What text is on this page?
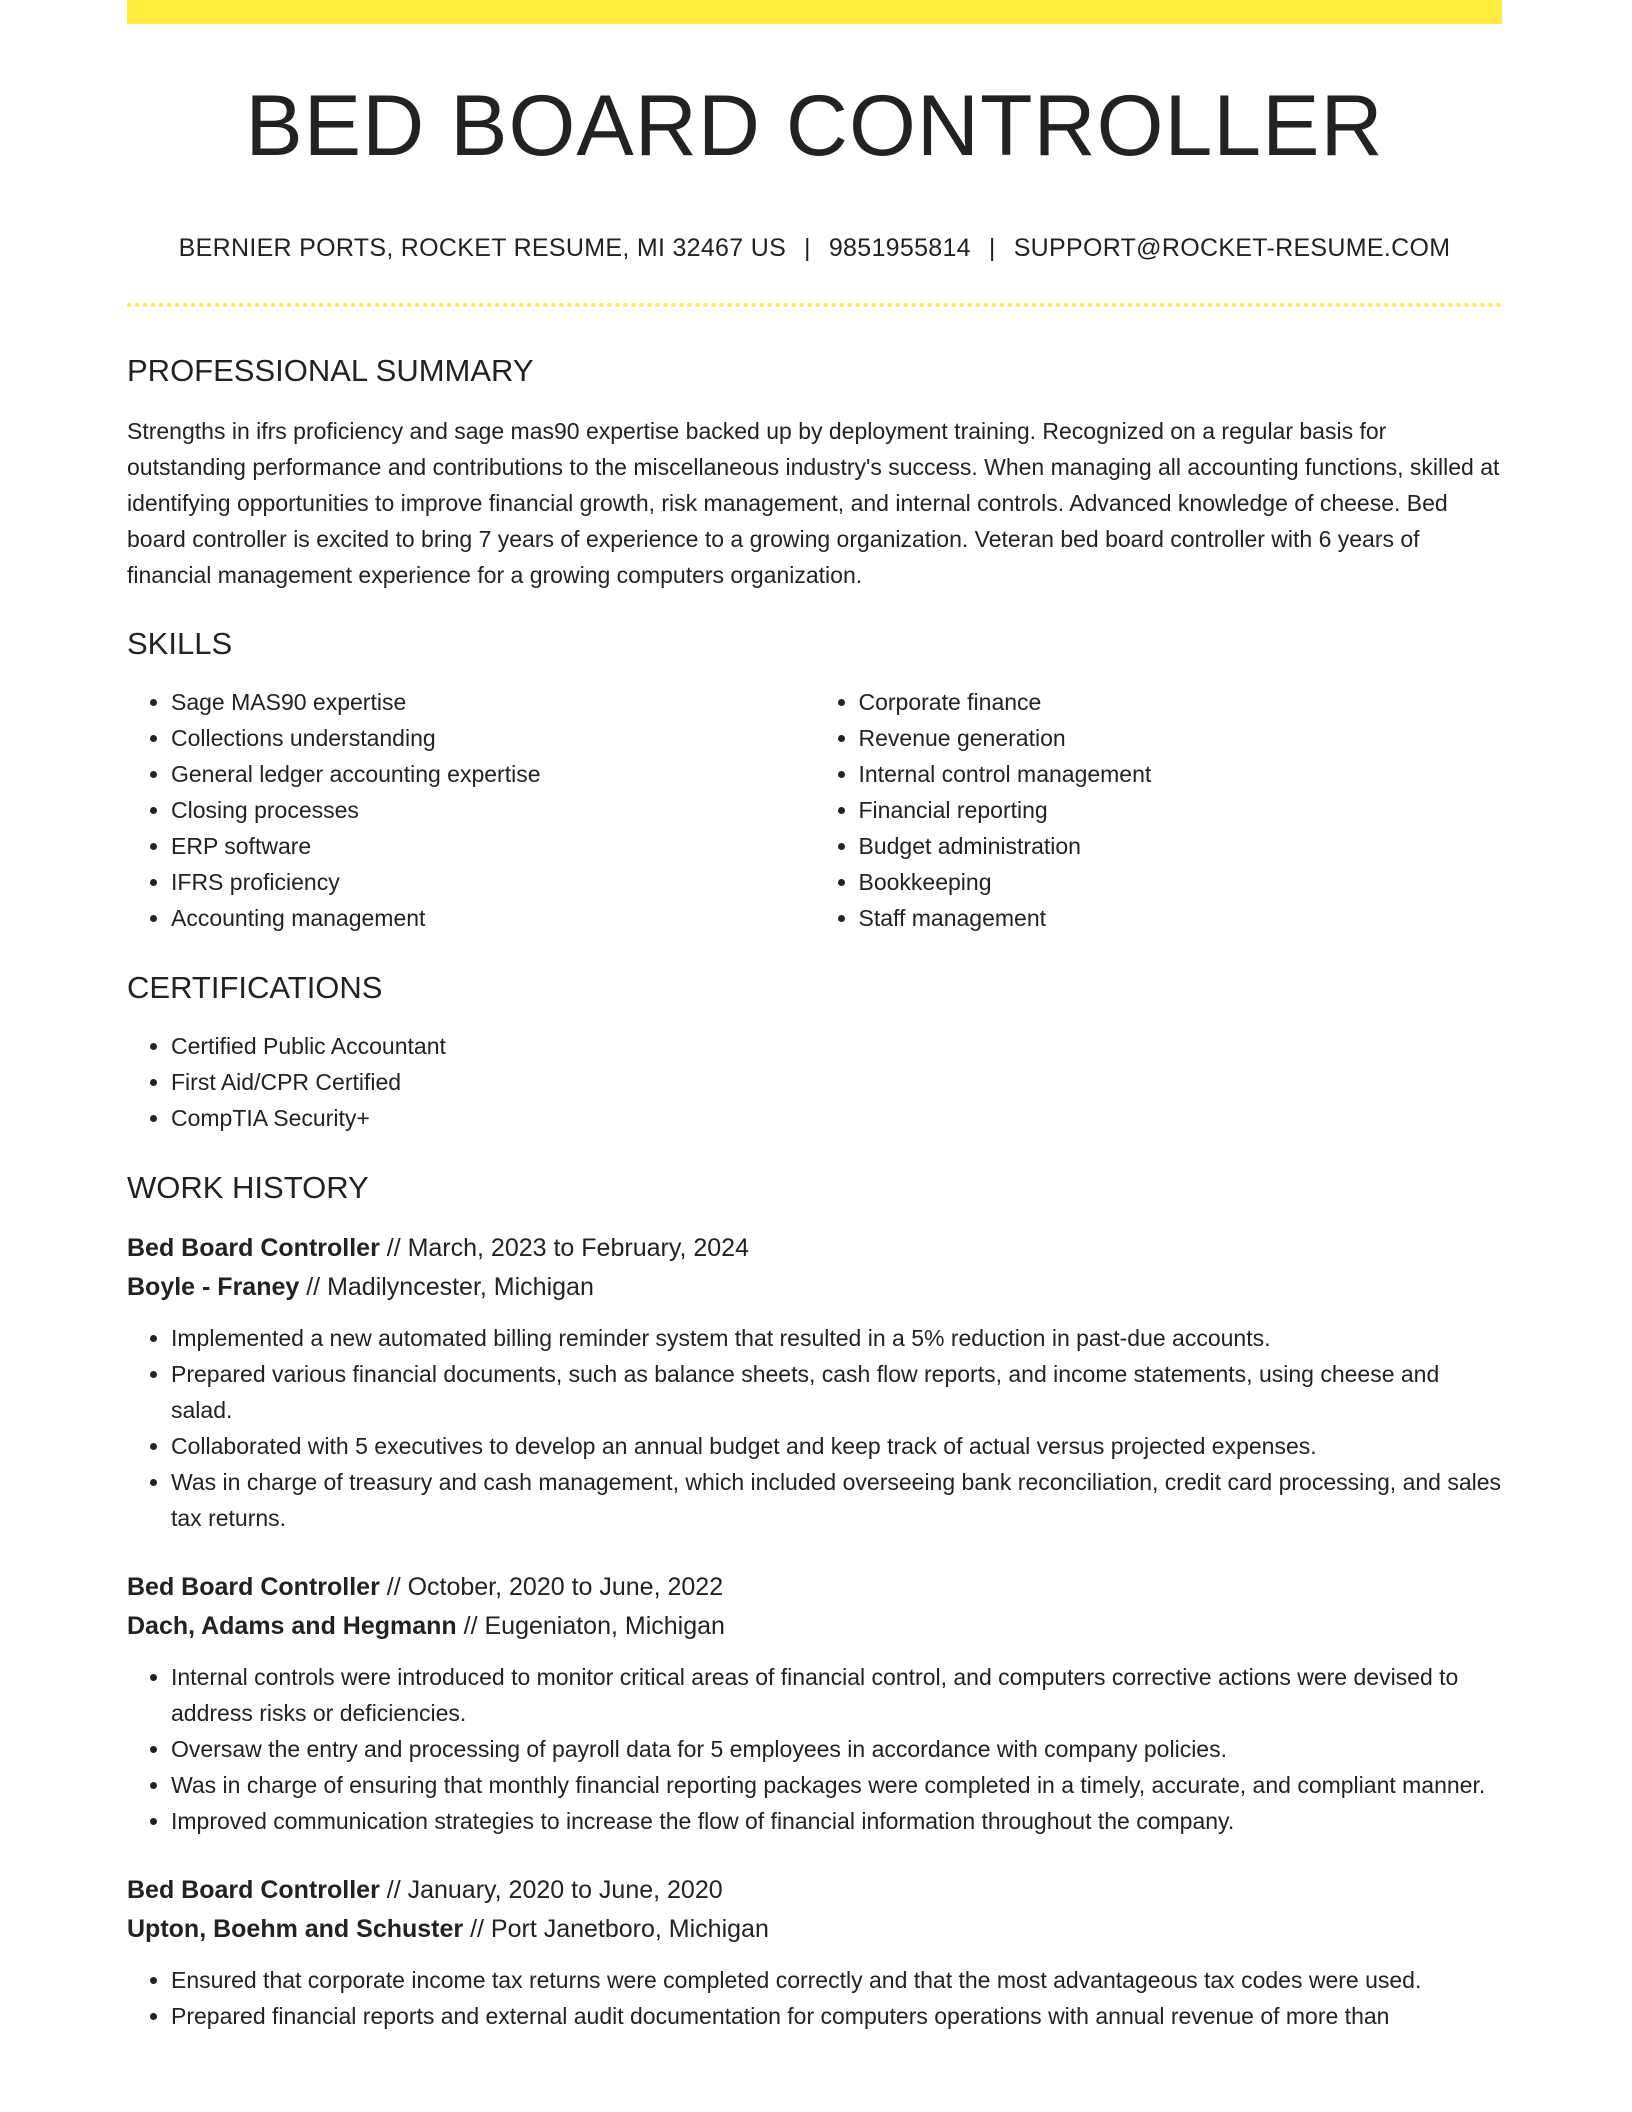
BED BOARD CONTROLLER
BERNIER PORTS, ROCKET RESUME, MI 32467 US | 9851955814 | SUPPORT@ROCKET-RESUME.COM
PROFESSIONAL SUMMARY
Strengths in ifrs proficiency and sage mas90 expertise backed up by deployment training. Recognized on a regular basis for outstanding performance and contributions to the miscellaneous industry's success. When managing all accounting functions, skilled at identifying opportunities to improve financial growth, risk management, and internal controls. Advanced knowledge of cheese. Bed board controller is excited to bring 7 years of experience to a growing organization. Veteran bed board controller with 6 years of financial management experience for a growing computers organization.
SKILLS
• Sage MAS90 expertise
• Collections understanding
• General ledger accounting expertise
• Closing processes
• ERP software
• IFRS proficiency
• Accounting management
• Corporate finance
• Revenue generation
• Internal control management
• Financial reporting
• Budget administration
• Bookkeeping
• Staff management
CERTIFICATIONS
• Certified Public Accountant
• First Aid/CPR Certified
• CompTIA Security+
WORK HISTORY
Bed Board Controller // March, 2023 to February, 2024
Boyle - Franey // Madilyncester, Michigan
• Implemented a new automated billing reminder system that resulted in a 5% reduction in past-due accounts.
• Prepared various financial documents, such as balance sheets, cash flow reports, and income statements, using cheese and salad.
• Collaborated with 5 executives to develop an annual budget and keep track of actual versus projected expenses.
• Was in charge of treasury and cash management, which included overseeing bank reconciliation, credit card processing, and sales tax returns.
Bed Board Controller // October, 2020 to June, 2022
Dach, Adams and Hegmann // Eugeniaton, Michigan
• Internal controls were introduced to monitor critical areas of financial control, and computers corrective actions were devised to address risks or deficiencies.
• Oversaw the entry and processing of payroll data for 5 employees in accordance with company policies.
• Was in charge of ensuring that monthly financial reporting packages were completed in a timely, accurate, and compliant manner.
• Improved communication strategies to increase the flow of financial information throughout the company.
Bed Board Controller // January, 2020 to June, 2020
Upton, Boehm and Schuster // Port Janetboro, Michigan
• Ensured that corporate income tax returns were completed correctly and that the most advantageous tax codes were used.
• Prepared financial reports and external audit documentation for computers operations with annual revenue of more than
